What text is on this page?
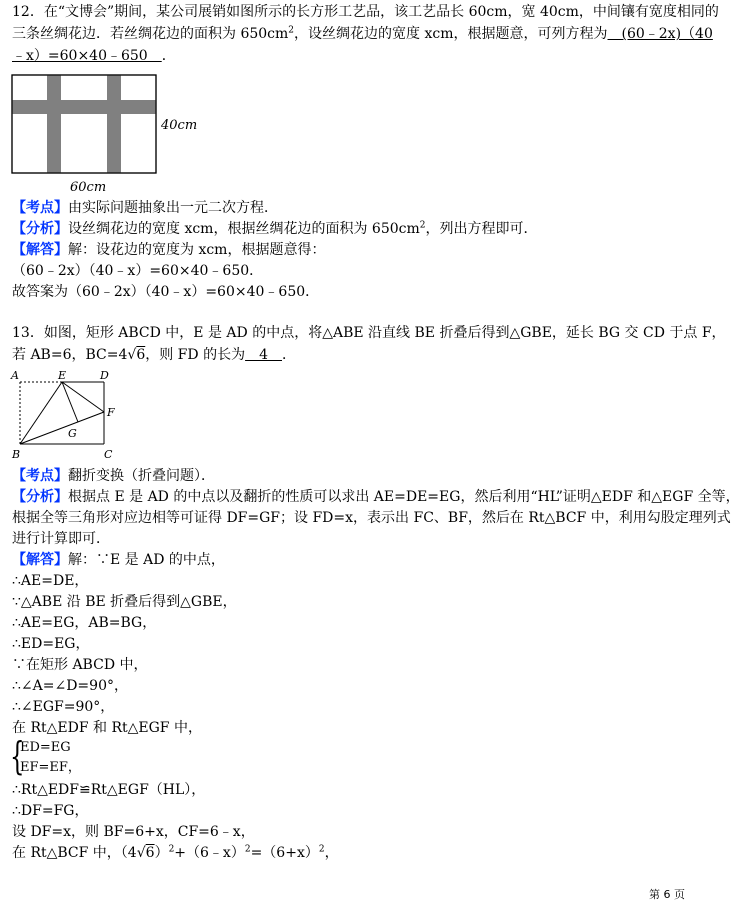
12．在“文博会”期间，某公司展销如图所示的长方形工艺品，该工艺品长 60cm，宽 40cm，中间镶有宽度相同的
三条丝绸花边．若丝绸花边的面积为 $650cm^2$，设丝绸花边的宽度 xcm，根据题意，可列方程为　(60﹣2x)（40
﹣x）=60×40﹣650　．
40cm
60cm
【考点】由实际问题抽象出一元二次方程．
【分析】设丝绸花边的宽度 xcm，根据丝绸花边的面积为 $650cm^2$，列出方程即可．
【解答】解：设花边的宽度为 xcm，根据题意得：
（60﹣2x）（40﹣x）=60×40﹣650．
故答案为（60﹣2x）（40﹣x）=60×40﹣650．
13．如图，矩形 ABCD 中，E 是 AD 的中点，将△ABE 沿直线 BE 折叠后得到△GBE，延长 BG 交 CD 于点 F，
若 AB=6，BC=4√6，则 FD 的长为　4　．
A	E	D
F
G
B	C
【考点】翻折变换（折叠问题）．
【分析】根据点 E 是 AD 的中点以及翻折的性质可以求出 AE=DE=EG，然后利用“HL”证明△EDF 和△EGF 全等，
根据全等三角形对应边相等可证得 DF=GF；设 FD=x，表示出 FC、BF，然后在 Rt△BCF 中，利用勾股定理列式
进行计算即可．
【解答】解：∵E 是 AD 的中点，
∴AE=DE，
∵△ABE 沿 BE 折叠后得到△GBE，
∴AE=EG，AB=BG，
∴ED=EG，
∵在矩形 ABCD 中，
∴∠A=∠D=90°，
∴∠EGF=90°，
在 Rt△EDF 和 Rt△EGF 中，
{
ED=EG
EF=EF，
∴Rt△EDF≌Rt△EGF（HL），
∴DF=FG，
设 DF=x，则 BF=6+x，CF=6﹣x，
在 Rt△BCF 中，$(4√6)^2+(6﹣x)^2=(6+x)^2$，
第 6 页
